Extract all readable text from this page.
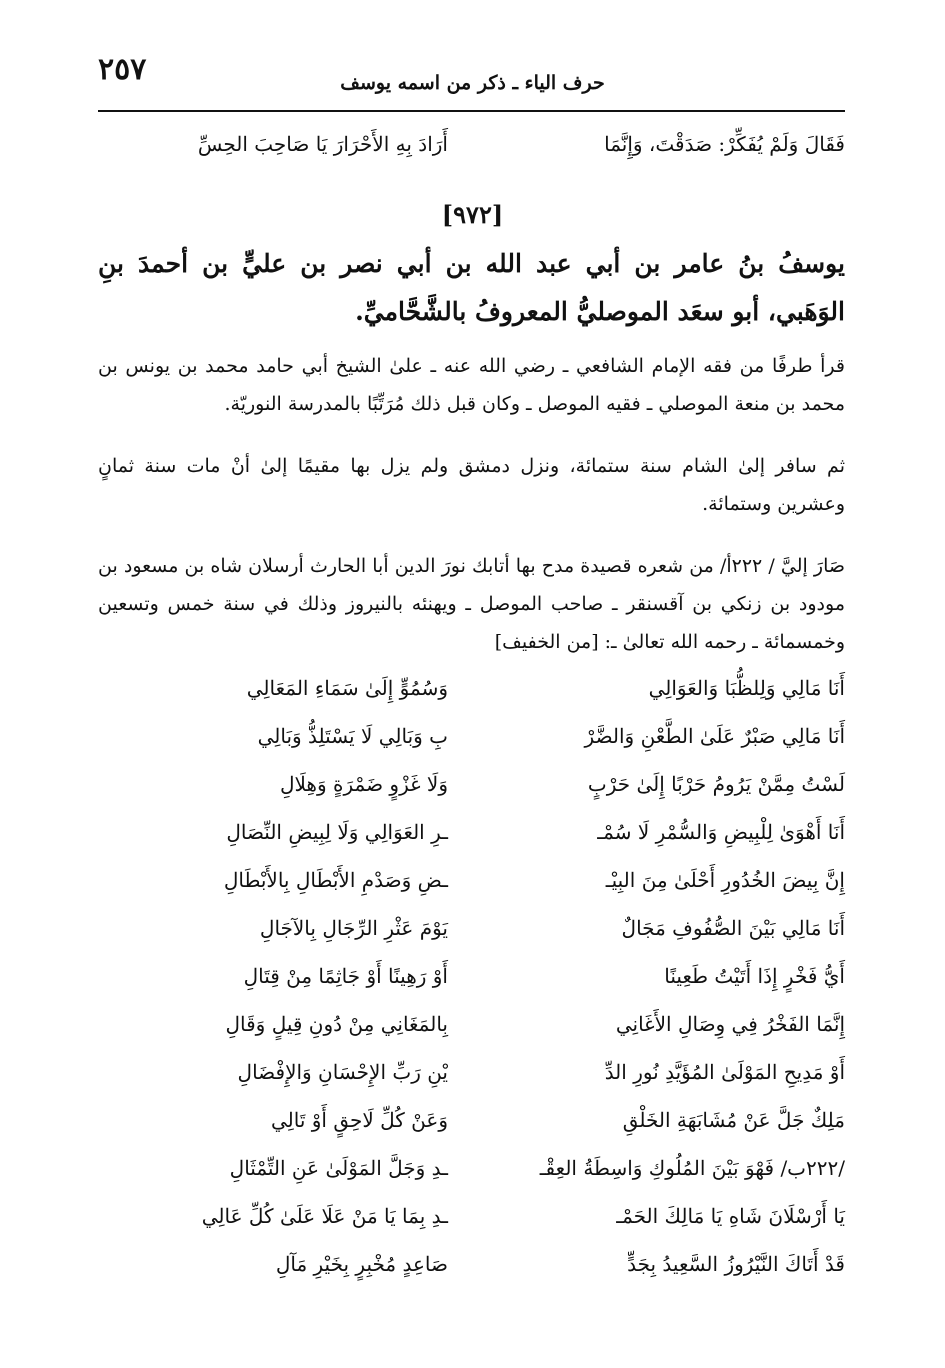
٢٥٧	حرف الياء ـ ذكر من اسمه يوسف
فَقَالَ وَلَمْ يُفَكِّرْ: صَدَقْتَ، وَإِنَّمَا
أَرَادَ بِهِ الأَحْرَارَ يَا صَاحِبَ الحِسِّ
[٩٧٢]
يوسفُ بنُ عامر بن أبي عبد الله بن أبي نصر بن عليٍّ بن أحمدَ بنِ الوَهَبي، أبو سعَد الموصليُّ المعروفُ بالشَّحَّاميِّ.
قرأ طرفًا من فقه الإمام الشافعي ـ رضي الله عنه ـ علىٰ الشيخ أبي حامد محمد بن يونس بن محمد بن منعة الموصلي ـ فقيه الموصل ـ وكان قبل ذلك مُرَتِّبًا بالمدرسة النوريّة.
ثم سافر إلىٰ الشام سنة ستمائة، ونزل دمشق ولم يزل بها مقيمًا إلىٰ أنْ مات سنة ثمانٍ وعشرين وستمائة.
صَارَ إليَّ / ٢٢٢أ/ من شعره قصيدة مدح بها أتابك نورَ الدين أبا الحارث أرسلان شاه بن مسعود بن مودود بن زنكي بن آقسنقر ـ صاحب الموصل ـ ويهنئه بالنيروز وذلك في سنة خمس وتسعين وخمسمائة ـ رحمه الله تعالىٰ ـ: [من الخفيف]
أَنَا مَالِي وَلِلظُّبَا وَالعَوَالِي
وَسُمُوٍّ إِلَىٰ سَمَاءِ المَعَالِي
أَنَا مَالِي صَبْرٌ عَلَىٰ الطَّعْنِ وَالضَّرْ
بِ وَبَالِي لَا يَسْتَلِذُّ وَبَالِي
لَسْتُ مِمَّنْ يَرُومُ حَرْبًا إِلَىٰ حَرْبٍ
وَلَا غَزْوٍ ضَمْرَةٍ وَهِلَالِ
أَنَا أَهْوَىٰ لِلْبِيضِ وَالسُّمْرِ لَا سُمْـ
ـرِ العَوَالِي وَلَا لِبِيضِ النِّصَالِ
إِنَّ بِيضَ الخُدُورِ أَحْلَىٰ مِنَ البِيْـ
ـضِ وَصَدْمِ الأَبْطَالِ بِالأَبْطَالِ
أَنَا مَالِي بَيْنَ الصُّفُوفِ مَجَالٌ
يَوْمَ عَثْرِ الرِّجَالِ بِالآجَالِ
أَيُّ فَخْرٍ إِذَا أَتَيْتُ طَعِينًا
أَوْ رَهِينًا أَوْ جَاثِمًا مِنْ قِتَالِ
إِنَّمَا الفَخْرُ فِي وِصَالِ الأَغَانِي
بِالمَغَانِي مِنْ دُونِ قِيلٍ وَقَالِ
أَوْ مَدِيحِ المَوْلَىٰ المُؤَيَّدِ نُورِ الدِّ
يْنِ رَبِّ الإِحْسَانِ وَالإِفْضَالِ
مَلِكٌ جَلَّ عَنْ مُشَابَهَةِ الخَلْقِ
وَعَنْ كُلِّ لَاحِقٍ أَوْ تَالِي
/٢٢٢ب/ فَهْوَ بَيْنَ المُلُوكِ وَاسِطَةُ العِقْـ
ـدِ وَجَلَّ المَوْلَىٰ عَنِ التِّمْثَالِ
يَا أَرْسْلَانَ شَاهِ يَا مَالِكَ الحَمْـ
ـدِ بِمَا يَا مَنْ عَلَا عَلَىٰ كُلِّ عَالِي
قَدْ أَتَاكَ النَّيْرُوزُ السَّعِيدُ بِجَدٍّ
صَاعِدٍ مُخْبِرٍ بِخَيْرِ مَآلِ
